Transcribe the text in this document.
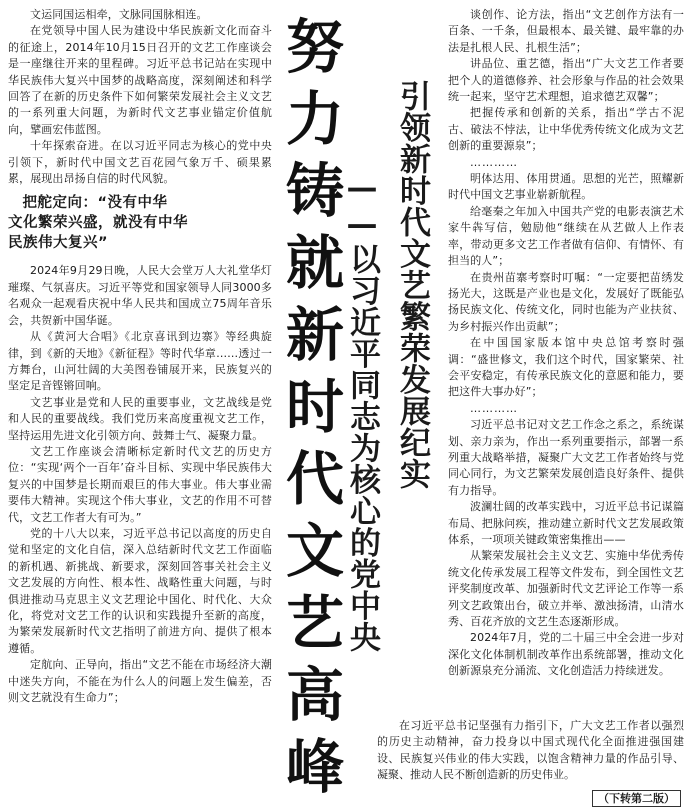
文运同国运相牵，文脉同国脉相连。

在党领导中国人民为建设中华民族新文化而奋斗的征途上，2014年10月15日召开的文艺工作座谈会是一座继往开来的里程碑。习近平总书记站在实现中华民族伟大复兴中国梦的战略高度，深刻阐述和科学回答了在新的历史条件下如何繁荣发展社会主义文艺的一系列重大问题，为新时代文艺事业锚定价值航向，擘画宏伟蓝图。

十年探索奋进。在以习近平同志为核心的党中央引领下，新时代中国文艺百花园气象万千、硕果累累，展现出昂扬自信的时代风貌。

把舵定向：“没有中华
文化繁荣兴盛，就没有中华
民族伟大复兴”

2024年9月29日晚，人民大会堂万人大礼堂华灯璀璨、气氛喜庆。习近平等党和国家领导人同3000多名观众一起观看庆祝中华人民共和国成立75周年音乐会，共贺新中国华诞。

从《黄河大合唱》《北京喜讯到边寨》等经典旋律，到《新的天地》《新征程》等时代华章……透过一方舞台，山河壮阔的大美图卷铺展开来，民族复兴的坚定足音铿锵回响。

文艺事业是党和人民的重要事业，文艺战线是党和人民的重要战线。我们党历来高度重视文艺工作，坚持运用先进文化引领方向、鼓舞士气、凝聚力量。

文艺工作座谈会清晰标定新时代文艺的历史方位：“实现‘两个一百年’奋斗目标、实现中华民族伟大复兴的中国梦是长期而艰巨的伟大事业。伟大事业需要伟大精神。实现这个伟大事业，文艺的作用不可替代，文艺工作者大有可为。”

党的十八大以来，习近平总书记以高度的历史自觉和坚定的文化自信，深入总结新时代文艺工作面临的新机遇、新挑战、新要求，深刻回答事关社会主义文艺发展的方向性、根本性、战略性重大问题，与时俱进推动马克思主义文艺理论中国化、时代化、大众化，将党对文艺工作的认识和实践提升至新的高度，为繁荣发展新时代文艺指明了前进方向、提供了根本遵循。

定航向、正导向，指出“文艺不能在市场经济大潮中迷失方向，不能在为什么人的问题上发生偏差，否则文艺就没有生命力”；	努力铸就新时代文艺高峰 引领新时代文艺繁荣发展纪实
——以习近平同志为核心的党中央

谈创作、论方法，指出“文艺创作方法有一百条、一千条，但最根本、最关键、最牢靠的办法是扎根人民、扎根生活”；

讲品位、重艺德，指出“广大文艺工作者要把个人的道德修养、社会形象与作品的社会效果统一起来，坚守艺术理想，追求德艺双馨”；

把握传承和创新的关系，指出“学古不泥古、破法不悖法，让中华优秀传统文化成为文艺创新的重要源泉”；

…………

明体达用、体用贯通。思想的光芒，照耀新时代中国文艺事业崭新航程。

给毫秦之年加入中国共产党的电影表演艺术家牛犇写信，勉励他“继续在从艺做人上作表率，带动更多文艺工作者做有信仰、有情怀、有担当的人”；

在贵州苗寨考察时叮嘱：“一定要把苗绣发扬光大，这既是产业也是文化，发展好了既能弘扬民族文化、传统文化，同时也能为产业扶贫、为乡村振兴作出贡献”；

在中国国家版本馆中央总馆考察时强调：“盛世修文，我们这个时代，国家繁荣、社会平安稳定，有传承民族文化的意愿和能力，要把这件大事办好”；

…………

习近平总书记对文艺工作念之系之，系统谋划、亲力亲为，作出一系列重要指示，部署一系列重大战略举措，凝聚广大文艺工作者始终与党同心同行，为文艺繁荣发展创造良好条件、提供有力指导。

波澜壮阔的改革实践中，习近平总书记谋篇布局、把脉问疾，推动建立新时代文艺发展政策体系，一项项关键政策密集推出——

从繁荣发展社会主义文艺、实施中华优秀传统文化传承发展工程等文件发布，到全国性文艺评奖制度改革、加强新时代文艺评论工作等一系列文艺政策出台，破立并举、激浊扬清，山清水秀、百花齐放的文艺生态逐渐形成。

2024年7月，党的二十届三中全会进一步对深化文化体制机制改革作出系统部署，推动文化创新源泉充分涌流、文化创造活力持续迸发。

在习近平总书记坚强有力指引下，广大文艺工作者以强烈的历史主动精神，奋力投身以中国式现代化全面推进强国建设、民族复兴伟业的伟大实践，以饱含精神力量的作品引导、凝聚、推动人民不断创造新的历史伟业。

（下转第二版）
